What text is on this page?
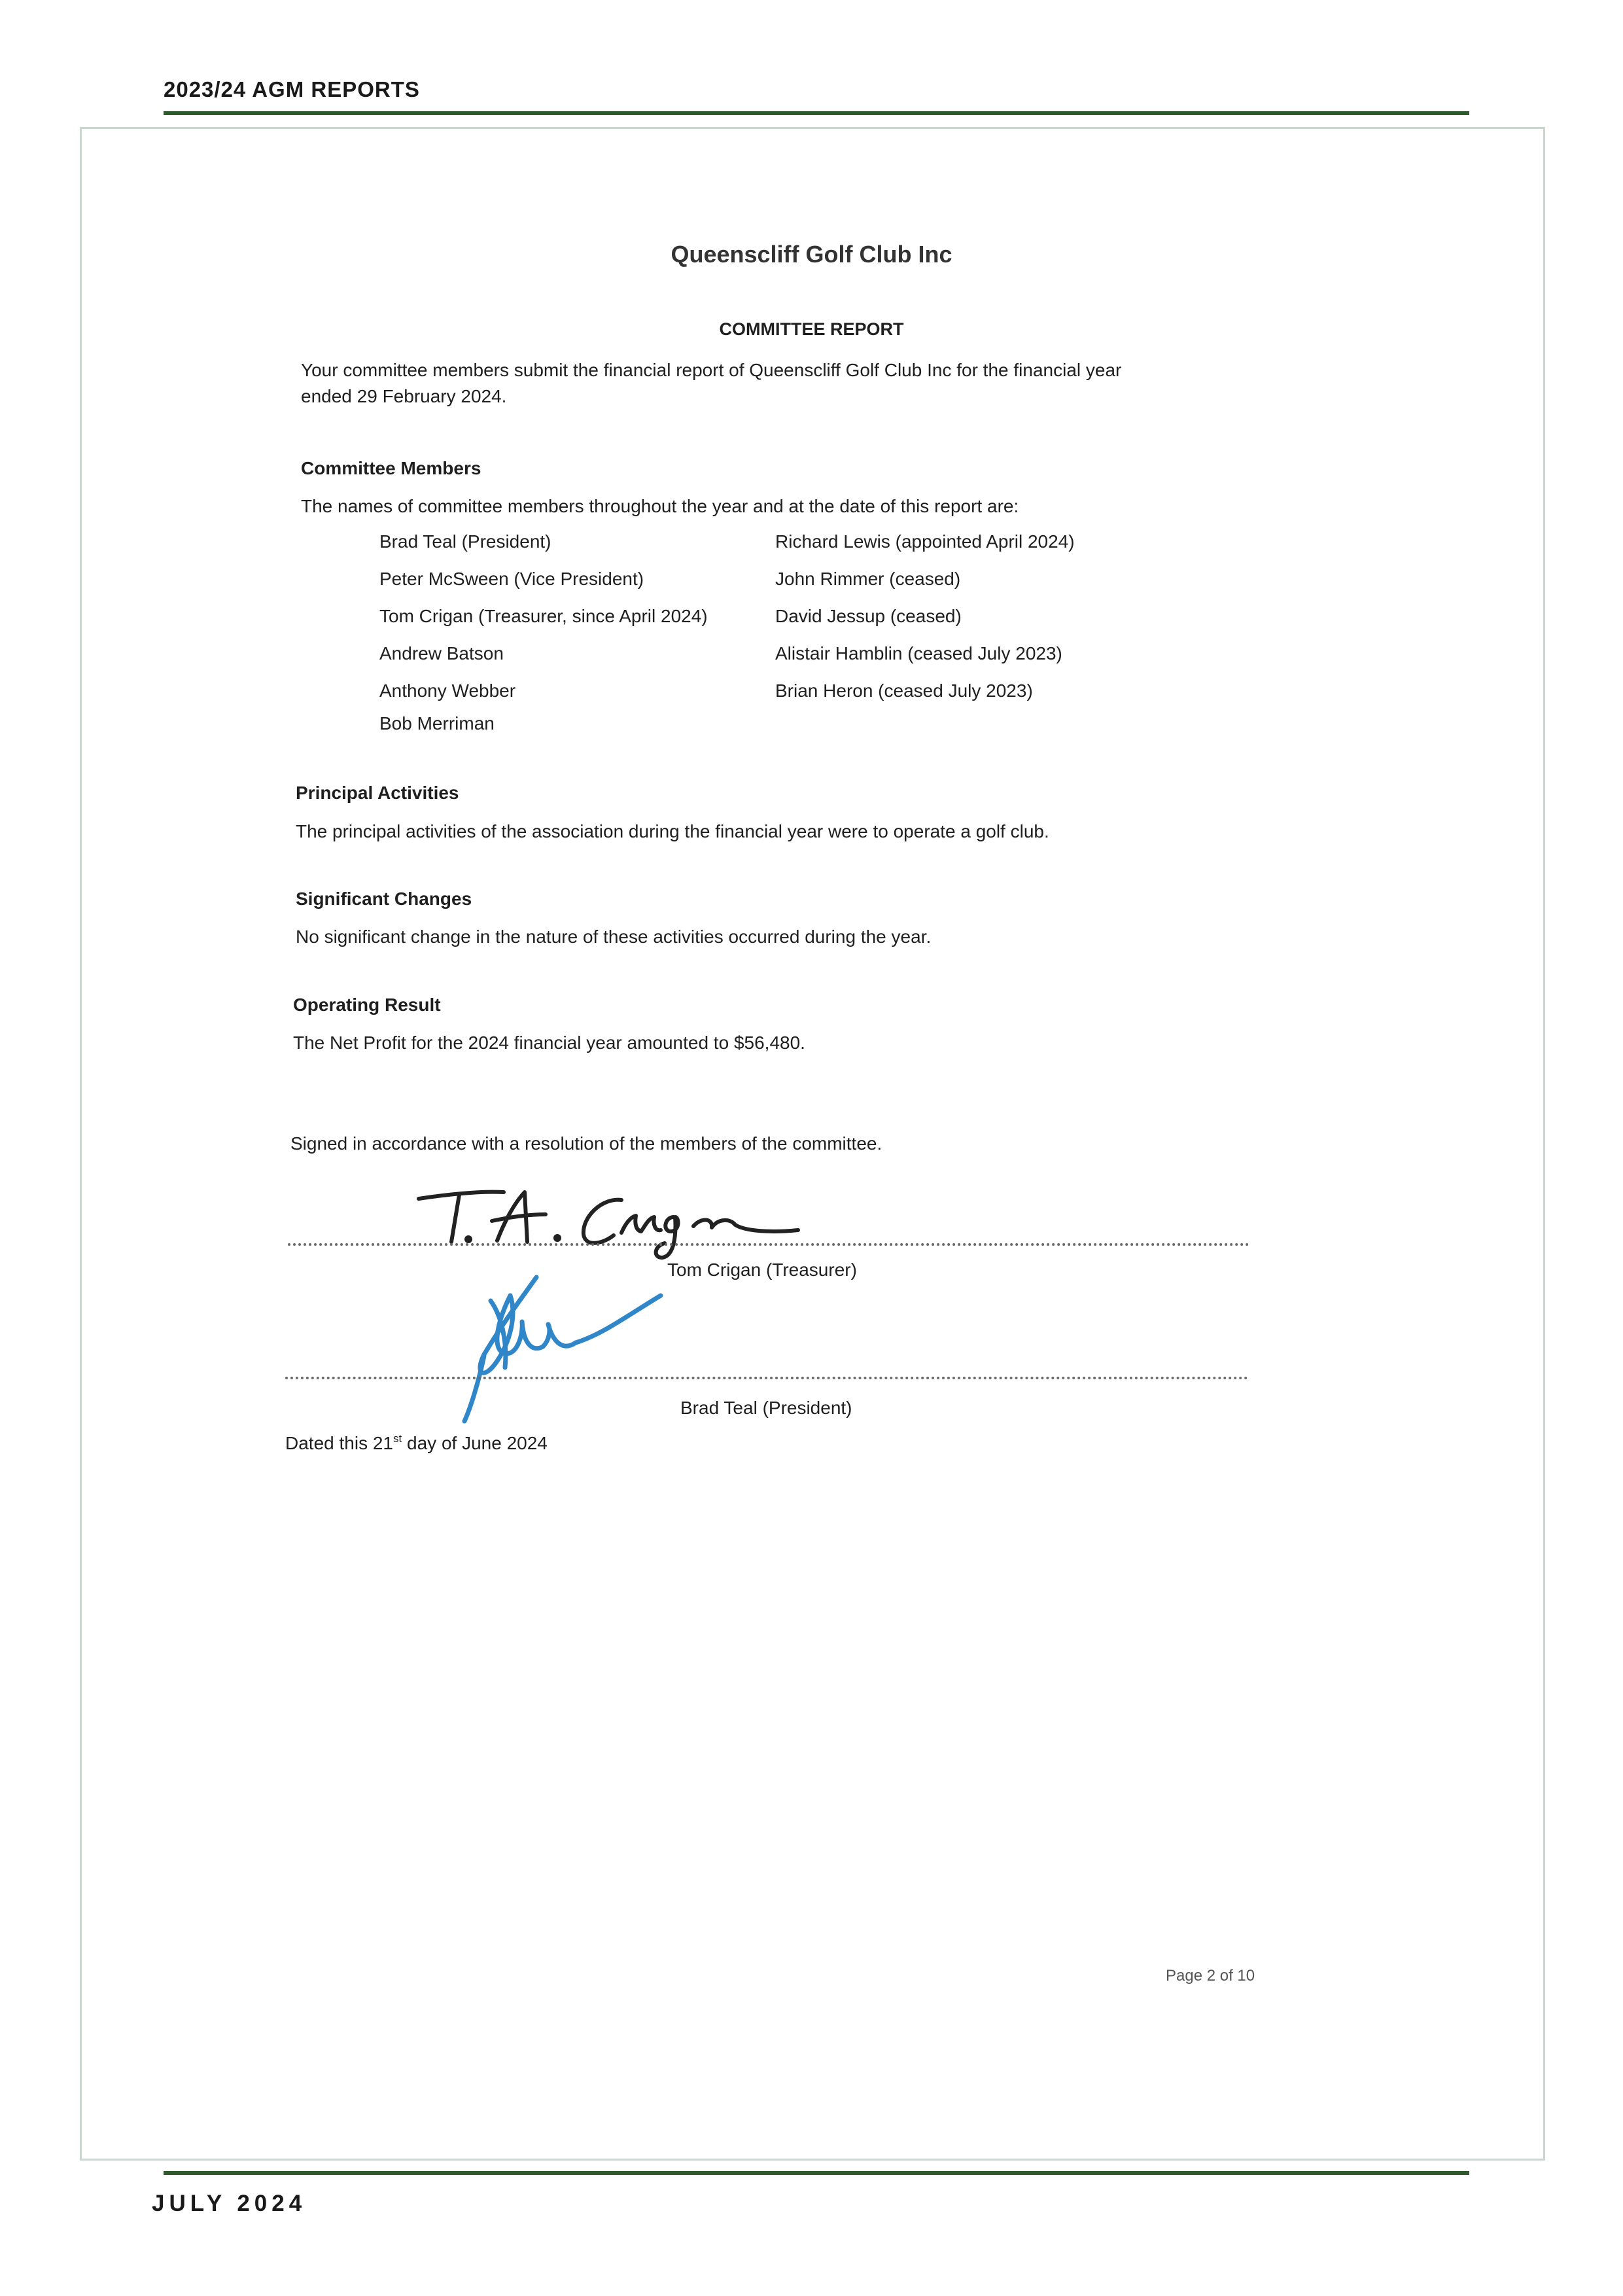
2023/24 AGM REPORTS
Queenscliff Golf Club Inc
COMMITTEE REPORT
Your committee members submit the financial report of Queenscliff Golf Club Inc for the financial year
ended 29 February 2024.
Committee Members
The names of committee members throughout the year and at the date of this report are:
Brad Teal (President)
Peter McSween (Vice President)
Tom Crigan (Treasurer, since April 2024)
Andrew Batson
Anthony Webber
Bob Merriman
Richard Lewis (appointed April 2024)
John Rimmer (ceased)
David Jessup (ceased)
Alistair Hamblin (ceased July 2023)
Brian Heron (ceased July 2023)
Principal Activities
The principal activities of the association during the financial year were to operate a golf club.
Significant Changes
No significant change in the nature of these activities occurred during the year.
Operating Result
The Net Profit for the 2024 financial year amounted to $56,480.
Signed in accordance with a resolution of the members of the committee.
Tom Crigan (Treasurer)
Brad Teal (President)
Dated this 21st day of June 2024
Page 2 of 10
JULY 2024
